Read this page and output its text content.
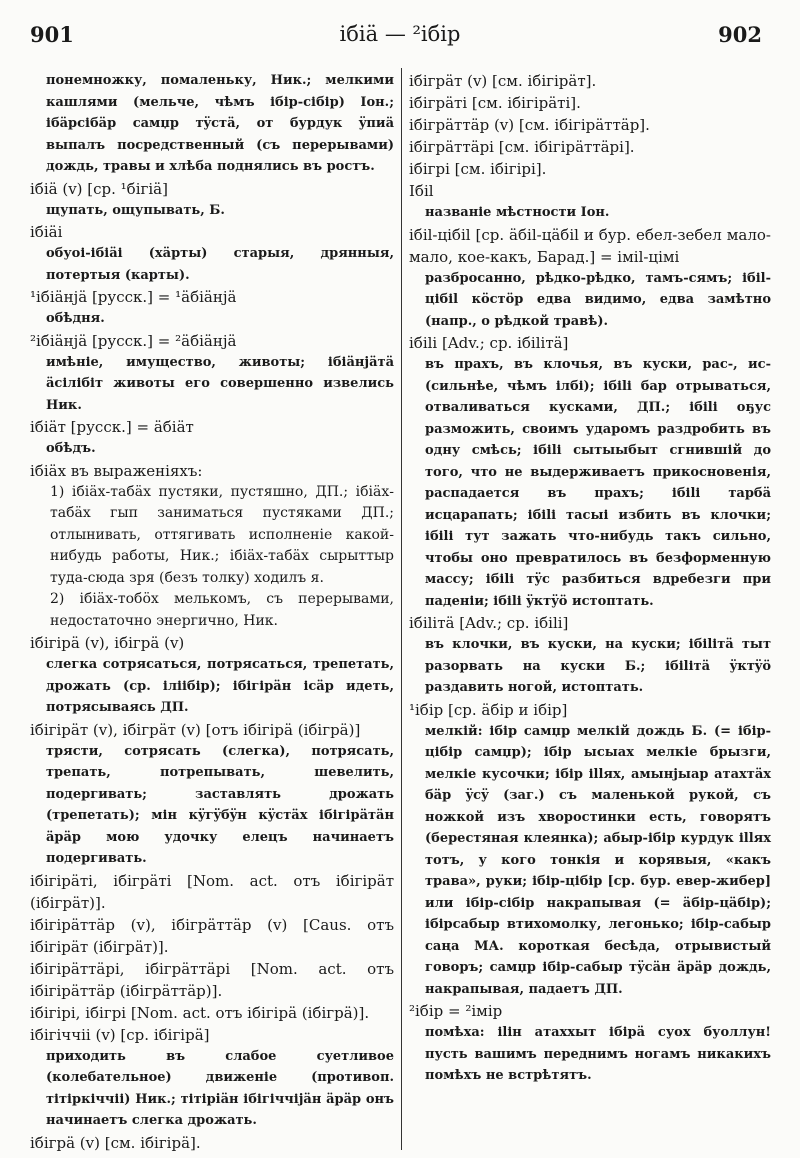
901	ібіä — ²ібір	902

понемножку, помаленьку, Ник.; мелкими кашлями (мельче, чѣмъ ібір-сібір) Іон.; ібäрсібäр самџр тÿстä, от бурдук ÿпиä выпалъ посредственный (съ перерывами) дождь, травы и хлѣба поднялись въ ростъ.

ібіä (v) [ср. ¹бігіä]

щупать, ощупывать, Б.

ібіäі

обуоі-ібіäі (хäрты) старыя, дрянныя, потертыя (карты).

¹ібіäнjä [русск.] = ¹äбіäнjä

обѣдня.

²ібіäнjä [русск.] = ²äбіäнjä

имѣніе, имущество, животы; ібіäнjäтä äсілібіт животы его совершенно извелись Ник.

ібіäт [русск.] = äбіäт

обѣдъ.

ібіäх въ выраженіяхъ:

1) ібіäх-табäх пустяки, пустяшно, ДП.; ібіäх-табäх гып заниматься пустяками ДП.; отлынивать, оттягивать исполненіе какой-нибудь работы, Ник.; ібіäх-табäх сырыттыр туда-сюда зря (безъ толку) ходилъ я.

2) ібіäх-тобöх мелькомъ, съ перерывами, недостаточно энергично, Ник.

ібігірä (v), ібігрä (v)

слегка сотрясаться, потрясаться, трепетать, дрожать (ср. іліібір); ібігірäн ісäр идеть, потрясываясь ДП.

ібігірäт (v), ібігрäт (v) [отъ ібігірä (ібігрä)]

трясти, сотрясать (слегка), потрясать, трепать, потрепывать, шевелить, подергивать; заставлять дрожать (трепетать); мін кÿгÿбÿн кÿстäх ібігірäтäн äрäр мою удочку елецъ начинаетъ подергивать.

ібігірäті, ібігрäті [Nom. act. отъ ібігірäт (ібігрäт)].

ібігірäттäр (v), ібігрäттäр (v) [Caus. отъ ібігірäт (ібігрäт)].

ібігірäттäрі, ібігрäттäрі [Nom. act. отъ ібігірäттäр (ібігрäттäр)].

ібігірі, ібігрі [Nom. act. отъ ібігірä (ібігрä)].

ібігіччіі (v) [ср. ібігірä]

приходить въ слабое суетливое (колебательное) движеніе (противоп. тітіркіччіі) Ник.; тітірiäн ібігіччіjäн äрäр онъ начинаетъ слегка дрожать.

ібігрä (v) [см. ібігірä].

ібігрäт (v) [см. ібігірäт].

ібігрäті [см. ібігірäті].

ібігрäттäр (v) [см. ібігірäттäр].

ібігрäттäрі [см. ібігірäттäрі].

ібігрі [см. ібігірі].

Ібіl

названіе мѣстности Іон.

ібіl-цібіl [ср. äбіl-цäбіl и бур. ебел-зебел мало-мало, кое-какъ, Барад.] = іміl-цімі

разбросанно, рѣдко-рѣдко, тамъ-сямъ; ібіl-цібіl кöстöр едва видимо, едва замѣтно (напр., о рѣдкой травѣ).

ібіlі [Adv.; ср. ібіlітä]

въ прахъ, въ клочья, въ куски, рас-, ис- (сильнѣе, чѣмъ ілбі); ібіlі бар отрываться, отваливаться кусками, ДП.; ібіlі оҕус разможить, своимъ ударомъ раздробить въ одну смѣсь; ібіlі сытыыбыт сгнившій до того, что не выдерживаетъ прикосновенія, распадается въ прахъ; ібіlі тарбä исцарапать; ібіlі тасыі избить въ клочки; ібіlі тут зажать что-нибудь такъ сильно, чтобы оно превратилось въ безформенную массу; ібіlі тÿс разбиться вдребезги при паденіи; ібіlі ÿктÿö истоптать.

ібіlітä [Adv.; ср. ібіlі]

въ клочки, въ куски, на куски; ібіlітä тыт разорвать на куски Б.; ібіlітä ÿктÿö раздавить ногой, истоптать.

¹ібір [ср. äбір и ібір]

мелкій: ібір самџр мелкій дождь Б. (= ібір-цібір самџр); ібір ысыах мелкіе брызги, мелкіе кусочки; ібір іllях, амынjыар атахтäх бäр ÿсÿ (заг.) съ маленькой рукой, съ ножкой изъ хворостинки есть, говорятъ (берестяная клеянка); абыр-ібір курдук іllях тотъ, у кого тонкія и корявыя, «какъ трава», руки; ібір-цібір [ср. бур. евер-жибер] или ібір-сібір накрапывая (= äбір-цäбір); ібірсабыр втихомолку, легонько; ібір-сабыр саңа МА. короткая бесѣда, отрывистый говоръ; самџр ібір-сабыр тÿсäн äрäр дождь, накрапывая, падаетъ ДП.

²ібір = ²імір

помѣха: іlін атаххыт ібірä суох буоллун! пусть вашимъ переднимъ ногамъ никакихъ помѣхъ не встрѣтятъ.
